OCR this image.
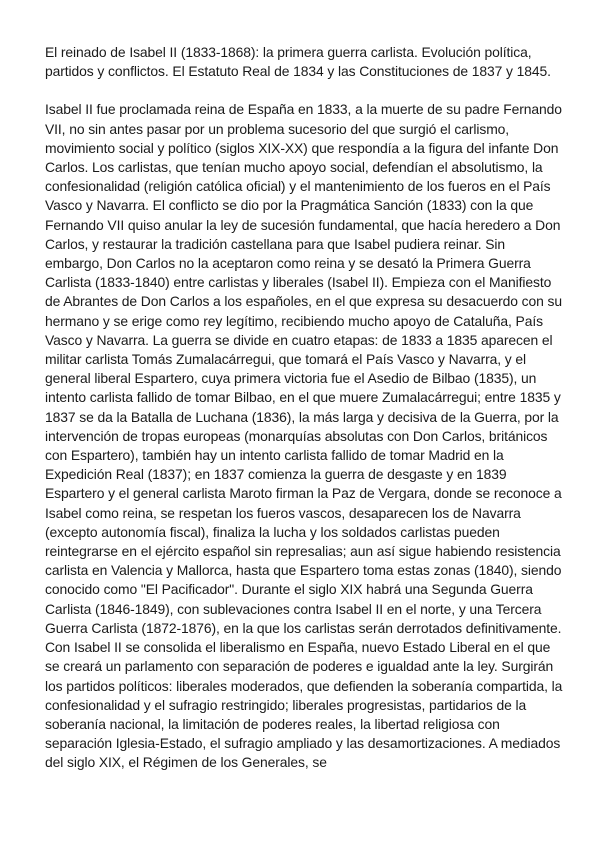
El reinado de Isabel II (1833-1868): la primera guerra carlista. Evolución política, partidos y conflictos. El Estatuto Real de 1834 y las Constituciones de 1837 y 1845.

Isabel II fue proclamada reina de España en 1833, a la muerte de su padre Fernando VII, no sin antes pasar por un problema sucesorio del que surgió el carlismo, movimiento social y político (siglos XIX-XX) que respondía a la figura del infante Don Carlos. Los carlistas, que tenían mucho apoyo social, defendían el absolutismo, la confesionalidad (religión católica oficial) y el mantenimiento de los fueros en el País Vasco y Navarra. El conflicto se dio por la Pragmática Sanción (1833) con la que Fernando VII quiso anular la ley de sucesión fundamental, que hacía heredero a Don Carlos, y restaurar la tradición castellana para que Isabel pudiera reinar. Sin embargo, Don Carlos no la aceptaron como reina y se desató la Primera Guerra Carlista (1833-1840) entre carlistas y liberales (Isabel II). Empieza con el Manifiesto de Abrantes de Don Carlos a los españoles, en el que expresa su desacuerdo con su hermano y se erige como rey legítimo, recibiendo mucho apoyo de Cataluña, País Vasco y Navarra. La guerra se divide en cuatro etapas: de 1833 a 1835 aparecen el militar carlista Tomás Zumalacárregui, que tomará el País Vasco y Navarra, y el general liberal Espartero, cuya primera victoria fue el Asedio de Bilbao (1835), un intento carlista fallido de tomar Bilbao, en el que muere Zumalacárregui; entre 1835 y 1837 se da la Batalla de Luchana (1836), la más larga y decisiva de la Guerra, por la intervención de tropas europeas (monarquías absolutas con Don Carlos, británicos con Espartero), también hay un intento carlista fallido de tomar Madrid en la Expedición Real (1837); en 1837 comienza la guerra de desgaste y en 1839 Espartero y el general carlista Maroto firman la Paz de Vergara, donde se reconoce a Isabel como reina, se respetan los fueros vascos, desaparecen los de Navarra (excepto autonomía fiscal), finaliza la lucha y los soldados carlistas pueden reintegrarse en el ejército español sin represalias; aun así sigue habiendo resistencia carlista en Valencia y Mallorca, hasta que Espartero toma estas zonas (1840), siendo conocido como "El Pacificador". Durante el siglo XIX habrá una Segunda Guerra Carlista (1846-1849), con sublevaciones contra Isabel II en el norte, y una Tercera Guerra Carlista (1872-1876), en la que los carlistas serán derrotados definitivamente. Con Isabel II se consolida el liberalismo en España, nuevo Estado Liberal en el que se creará un parlamento con separación de poderes e igualdad ante la ley. Surgirán los partidos políticos: liberales moderados, que defienden la soberanía compartida, la confesionalidad y el sufragio restringido; liberales progresistas, partidarios de la soberanía nacional, la limitación de poderes reales, la libertad religiosa con separación Iglesia-Estado, el sufragio ampliado y las desamortizaciones. A mediados del siglo XIX, el Régimen de los Generales, se
